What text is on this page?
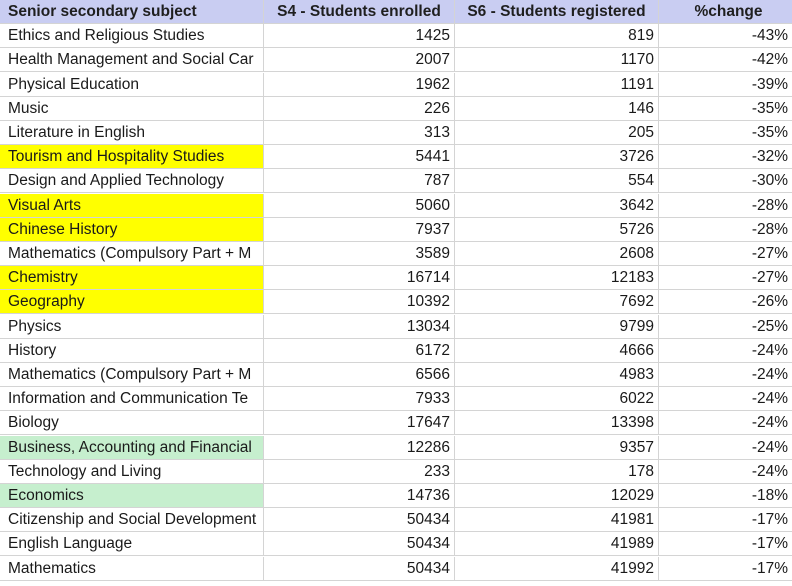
Senior secondary subject	S4 - Students enrolled	S6 - Students registered	%change
Ethics and Religious Studies	1425	819	-43%
Health Management and Social Car	2007	1170	-42%
Physical Education	1962	1191	-39%
Music	226	146	-35%
Literature in English	313	205	-35%
Tourism and Hospitality Studies	5441	3726	-32%
Design and Applied Technology	787	554	-30%
Visual Arts	5060	3642	-28%
Chinese History	7937	5726	-28%
Mathematics (Compulsory Part + M	3589	2608	-27%
Chemistry	16714	12183	-27%
Geography	10392	7692	-26%
Physics	13034	9799	-25%
History	6172	4666	-24%
Mathematics (Compulsory Part + M	6566	4983	-24%
Information and Communication Te	7933	6022	-24%
Biology	17647	13398	-24%
Business, Accounting and Financial	12286	9357	-24%
Technology and Living	233	178	-24%
Economics	14736	12029	-18%
Citizenship and Social Development	50434	41981	-17%
English Language	50434	41989	-17%
Mathematics	50434	41992	-17%
